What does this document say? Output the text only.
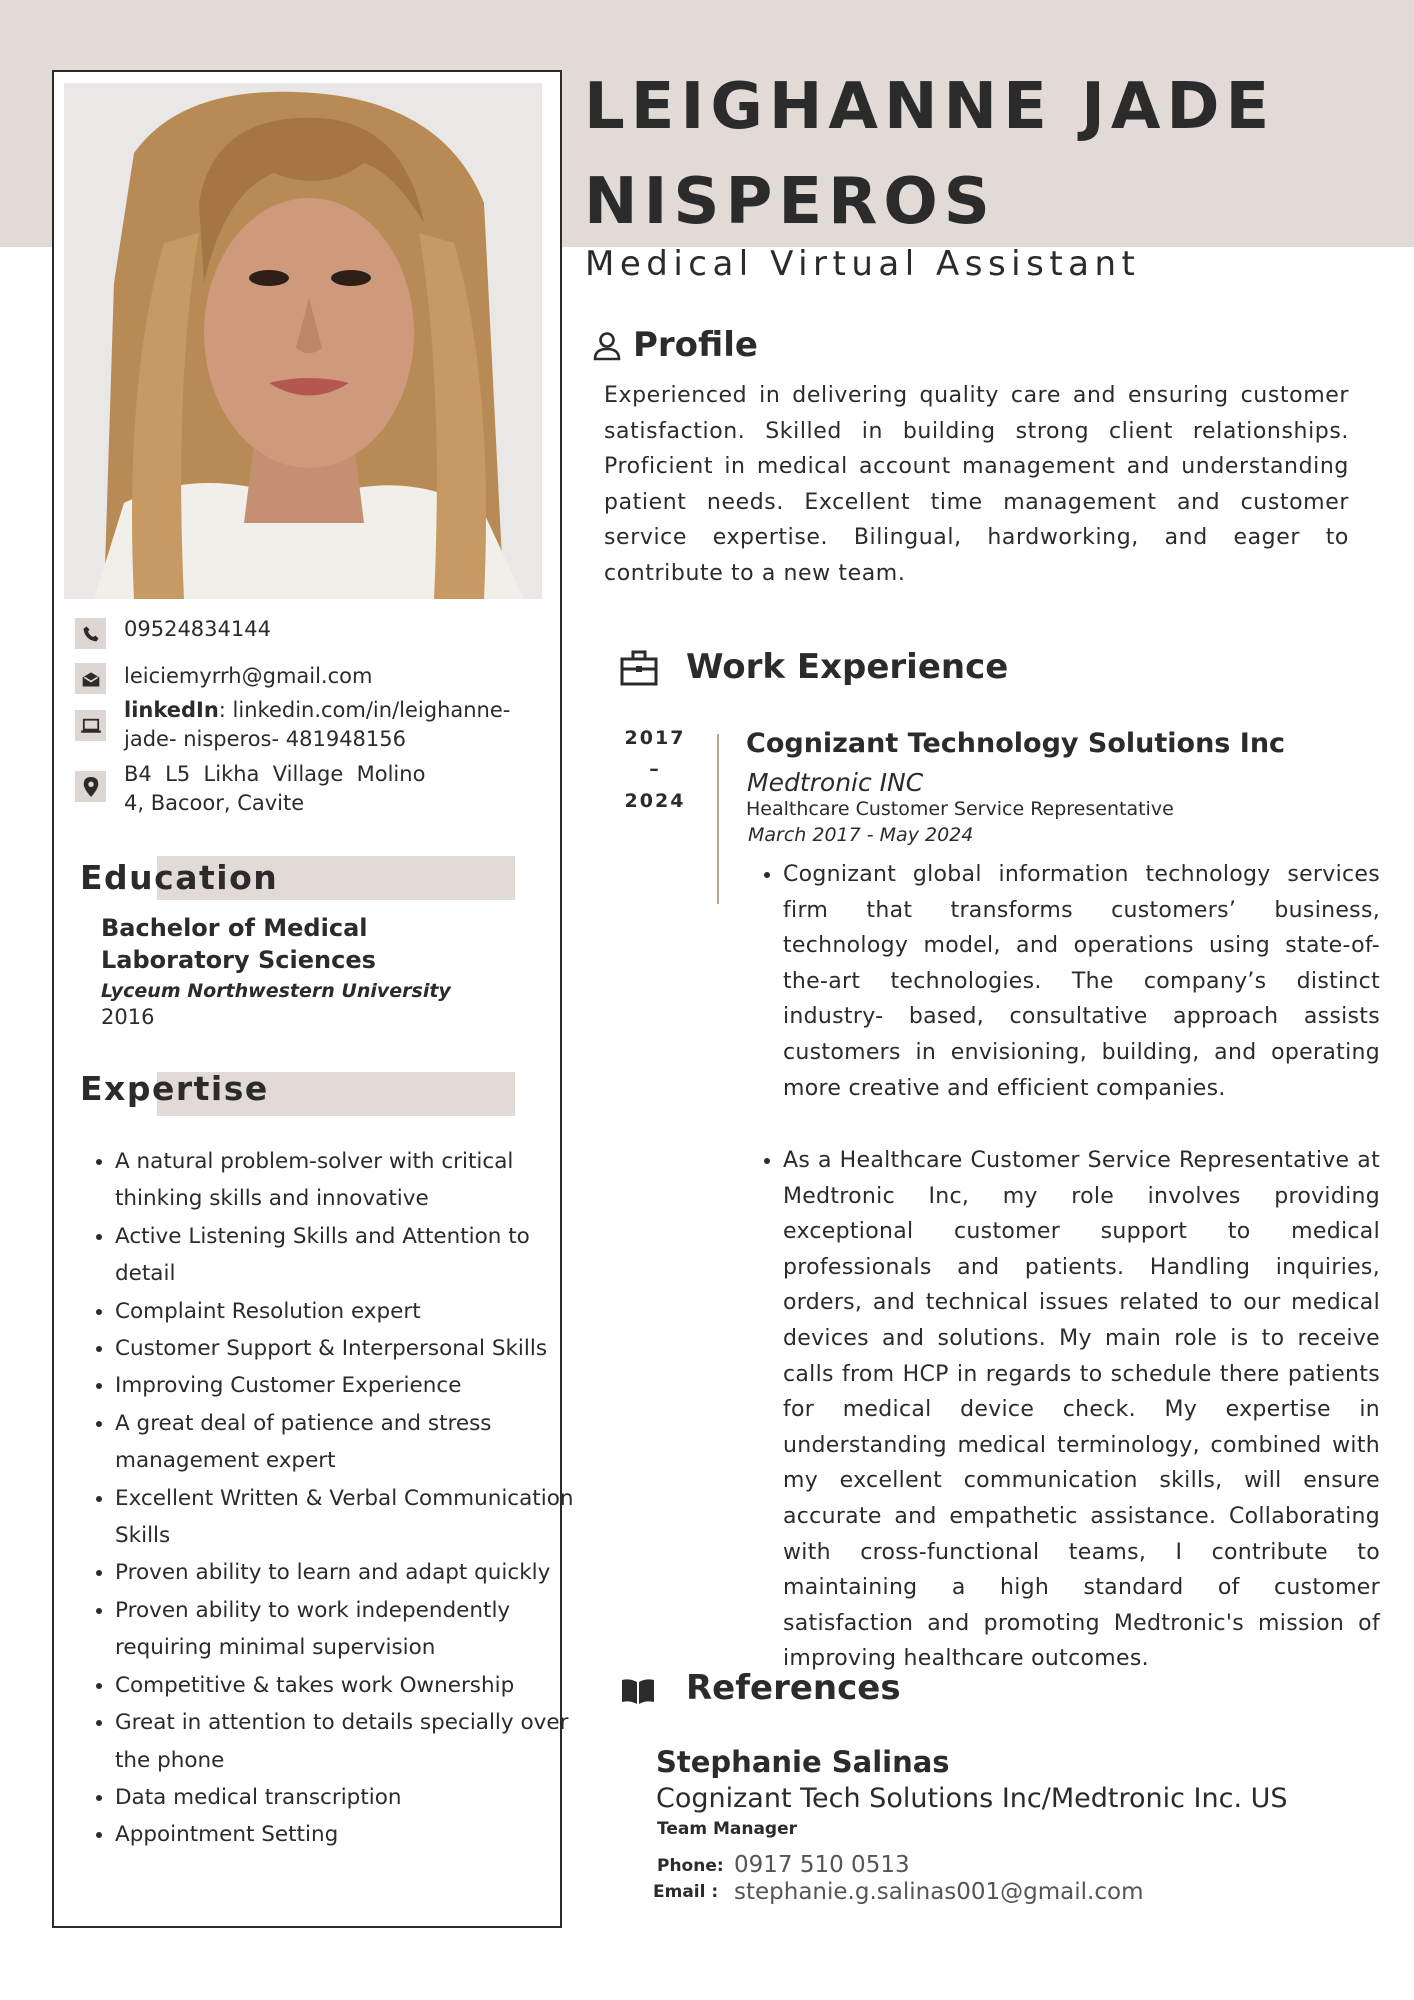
09524834144
leiciemyrrh@gmail.com
linkedIn: linkedin.com/in/leighanne-
jade- nisperos- 481948156
B4  L5  Likha  Village  Molino
4, Bacoor, Cavite
Education
Bachelor of Medical Laboratory Sciences
Lyceum Northwestern University
2016
Expertise
• A natural problem-solver with critical thinking skills and innovative
• Active Listening Skills and Attention to detail
• Complaint Resolution expert
• Customer Support & Interpersonal Skills
• Improving Customer Experience
• A great deal of patience and stress management expert
• Excellent Written & Verbal Communication Skills
• Proven ability to learn and adapt quickly
• Proven ability to work independently requiring minimal supervision
• Competitive & takes work Ownership
• Great in attention to details specially over the phone
• Data medical transcription
• Appointment Setting
LEIGHANNE JADE
NISPEROS
Medical Virtual Assistant
Profile
Experienced in delivering quality care and ensuring customer satisfaction. Skilled in building strong client relationships. Proficient in medical account management and understanding patient needs. Excellent time management and customer service expertise. Bilingual, hardworking, and eager to contribute to a new team.
Work Experience
2017
–
2024
Cognizant Technology Solutions Inc
Medtronic INC
Healthcare Customer Service Representative
March 2017 - May 2024
• Cognizant global information technology services firm that transforms customers’ business, technology model, and operations using state-of-the-art technologies. The company’s distinct industry- based, consultative approach assists customers in envisioning, building, and operating more creative and efficient companies.
• As a Healthcare Customer Service Representative at Medtronic Inc, my role involves providing exceptional customer support to medical professionals and patients. Handling inquiries, orders, and technical issues related to our medical devices and solutions. My main role is to receive calls from HCP in regards to schedule there patients for medical device check. My expertise in understanding medical terminology, combined with my excellent communication skills, will ensure accurate and empathetic assistance. Collaborating with cross-functional teams, I contribute to maintaining a high standard of customer satisfaction and promoting Medtronic's mission of improving healthcare outcomes.
References
Stephanie Salinas
Cognizant Tech Solutions Inc/Medtronic Inc. US
Team Manager
Phone: 0917 510 0513
Email : stephanie.g.salinas001@gmail.com
